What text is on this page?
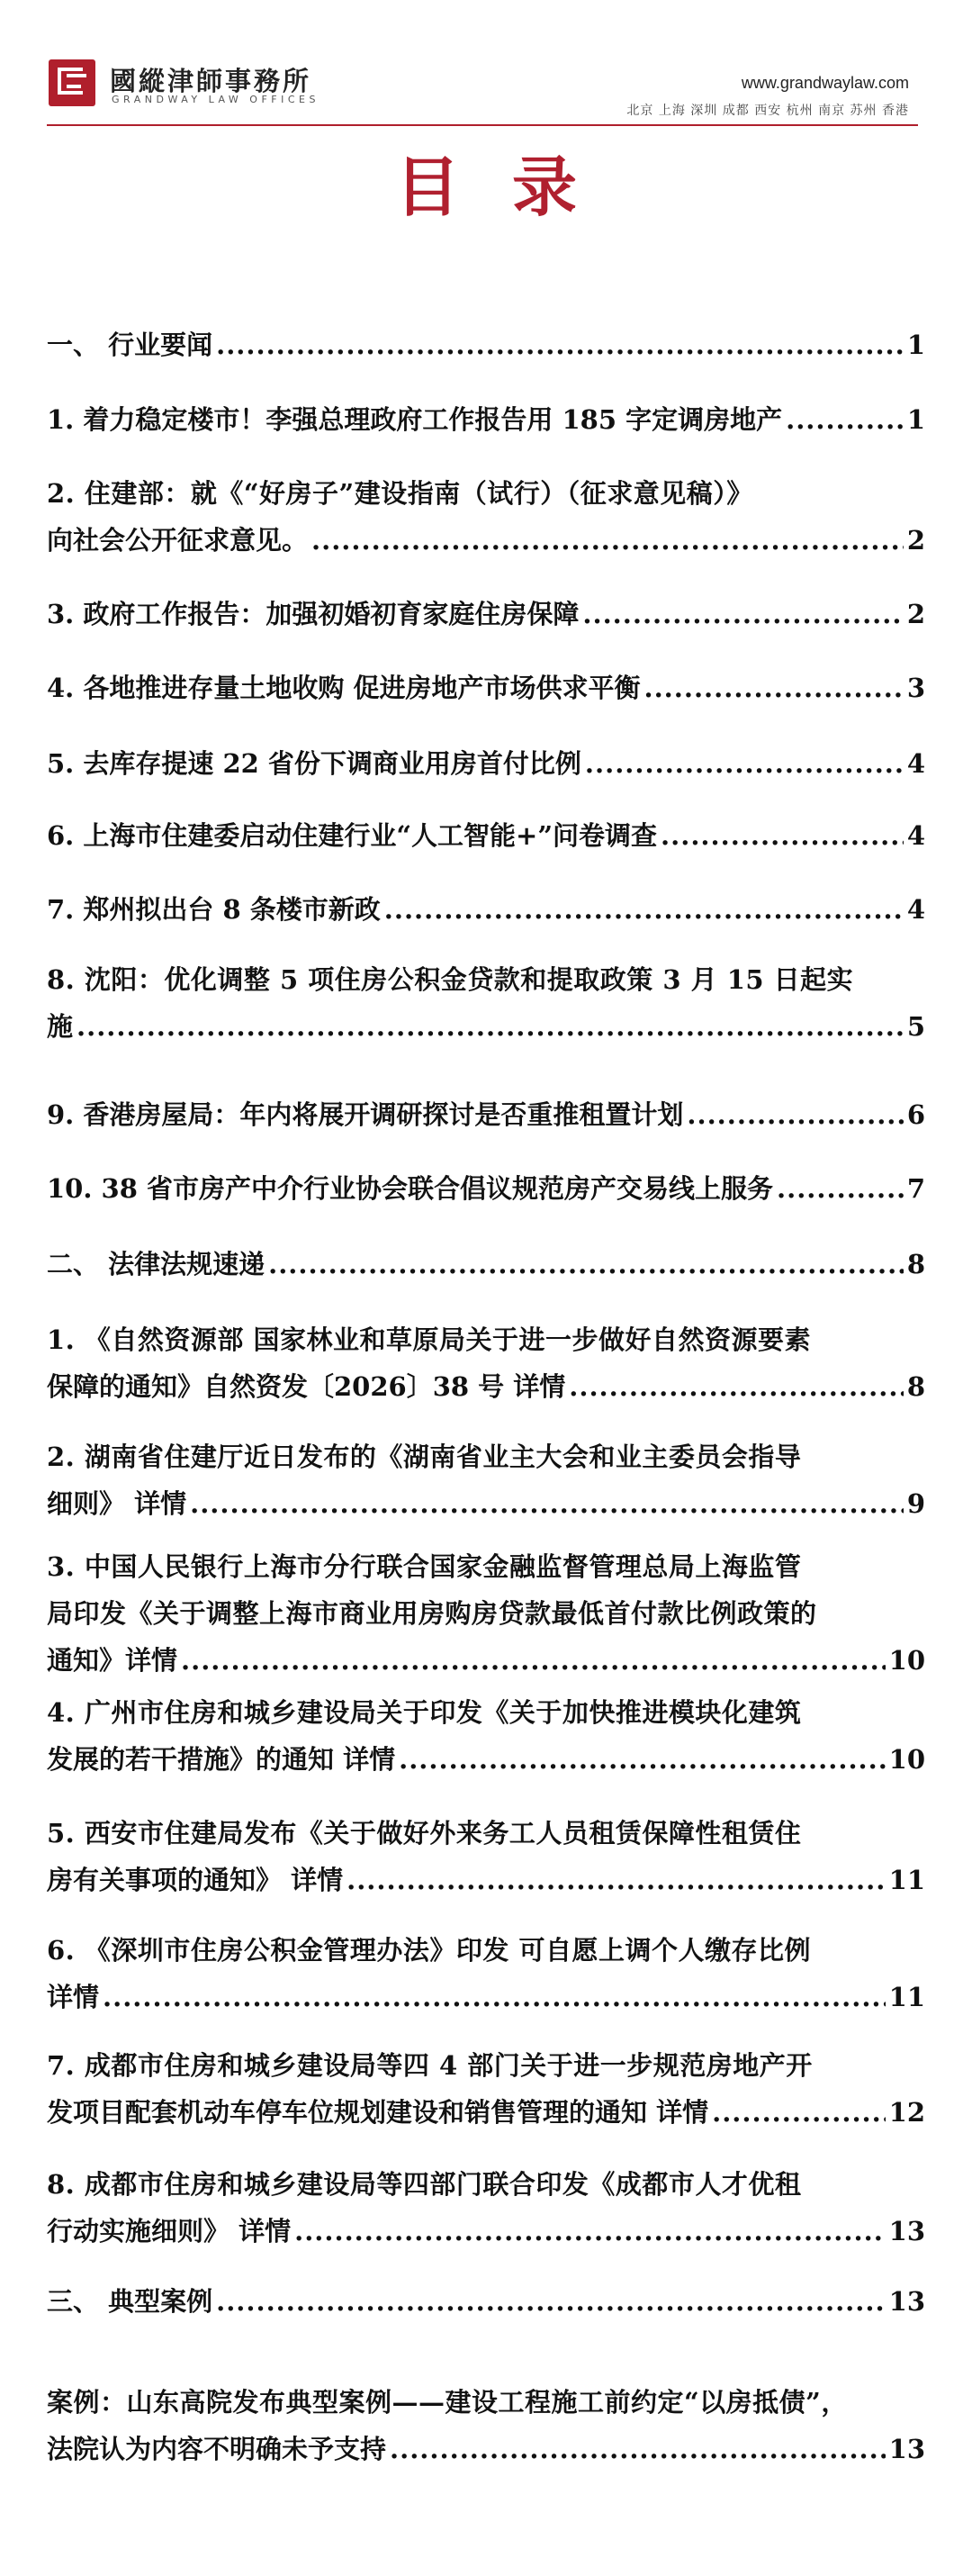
國縱津師事務所
GRANDWAY LAW OFFICES
www.grandwaylaw.com
北京 上海 深圳 成都 西安 杭州 南京 苏州 香港
目录
一、 行业要闻 .....	1
1. 着力稳定楼市！李强总理政府工作报告用 185 字定调房地产 .....	1
2. 住建部：就《“好房子”建设指南（试行）（征求意见稿）》
向社会公开征求意见。 .....	2
3. 政府工作报告：加强初婚初育家庭住房保障 .....	2
4. 各地推进存量土地收购 促进房地产市场供求平衡 .....	3
5. 去库存提速 22 省份下调商业用房首付比例 .....	4
6. 上海市住建委启动住建行业“人工智能+”问卷调查 .....	4
7. 郑州拟出台 8 条楼市新政 .....	4
8. 沈阳：优化调整 5 项住房公积金贷款和提取政策 3 月 15 日起实
施 .....	5
9. 香港房屋局：年内将展开调研探讨是否重推租置计划 .....	6
10. 38 省市房产中介行业协会联合倡议规范房产交易线上服务 .....	7
二、 法律法规速递 .....	8
1. 《自然资源部 国家林业和草原局关于进一步做好自然资源要素
保障的通知》自然资发〔2026〕38 号 详情 .....	8
2. 湖南省住建厅近日发布的《湖南省业主大会和业主委员会指导
细则》 详情 .....	9
3. 中国人民银行上海市分行联合国家金融监督管理总局上海监管
局印发《关于调整上海市商业用房购房贷款最低首付款比例政策的
通知》详情 .....	10
4. 广州市住房和城乡建设局关于印发《关于加快推进模块化建筑
发展的若干措施》的通知 详情 .....	10
5. 西安市住建局发布《关于做好外来务工人员租赁保障性租赁住
房有关事项的通知》 详情 .....	11
6. 《深圳市住房公积金管理办法》印发 可自愿上调个人缴存比例
详情 .....	11
7. 成都市住房和城乡建设局等四 4 部门关于进一步规范房地产开
发项目配套机动车停车位规划建设和销售管理的通知 详情 .....	12
8. 成都市住房和城乡建设局等四部门联合印发《成都市人才优租
行动实施细则》 详情 .....	13
三、 典型案例 .....	13
案例：山东高院发布典型案例——建设工程施工前约定“以房抵债”，
法院认为内容不明确未予支持 .....	13
